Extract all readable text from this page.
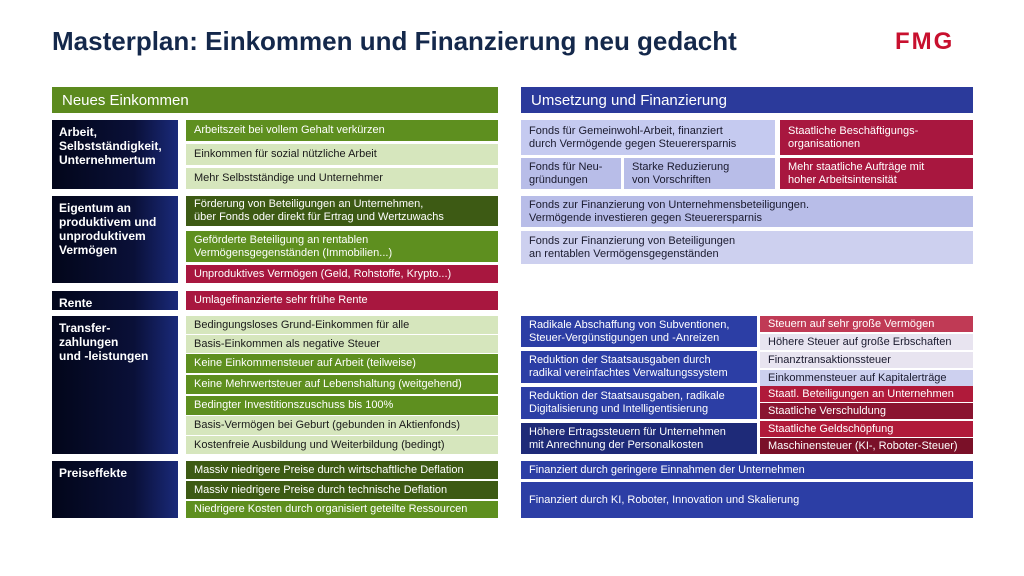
Masterplan: Einkommen und Finanzierung neu gedacht	FMG
Neues Einkommen	Umsetzung und Finanzierung
Arbeit,
Selbstständigkeit,
Unternehmertum
Eigentum an
produktivem und
unproduktivem
Vermögen
Rente
Transfer-
zahlungen
und -leistungen
Preiseffekte
Arbeitszeit bei vollem Gehalt verkürzen
Einkommen für sozial nützliche Arbeit
Mehr Selbstständige und Unternehmer
Förderung von Beteiligungen an Unternehmen,
über Fonds oder direkt für Ertrag und Wertzuwachs
Geförderte Beteiligung an rentablen
Vermögensgegenständen (Immobilien...)
Unproduktives Vermögen (Geld, Rohstoffe, Krypto...)
Umlagefinanzierte sehr frühe Rente
Bedingungsloses Grund-Einkommen für alle
Basis-Einkommen als negative Steuer
Keine Einkommensteuer auf Arbeit (teilweise)
Keine Mehrwertsteuer auf Lebenshaltung (weitgehend)
Bedingter Investitionszuschuss bis 100%
Basis-Vermögen bei Geburt (gebunden in Aktienfonds)
Kostenfreie Ausbildung und Weiterbildung (bedingt)
Massiv niedrigere Preise durch wirtschaftliche Deflation
Massiv niedrigere Preise durch technische Deflation
Niedrigere Kosten durch organisiert geteilte Ressourcen
Fonds für Gemeinwohl-Arbeit, finanziert
durch Vermögende gegen Steuerersparnis
Staatliche Beschäftigungs-
organisationen
Fonds für Neu-
gründungen
Starke Reduzierung
von Vorschriften
Mehr staatliche Aufträge mit
hoher Arbeitsintensität
Fonds zur Finanzierung von Unternehmensbeteiligungen.
Vermögende investieren gegen Steuerersparnis
Fonds zur Finanzierung von Beteiligungen
an rentablen Vermögensgegenständen
Radikale Abschaffung von Subventionen,
Steuer-Vergünstigungen und -Anreizen
Reduktion der Staatsausgaben durch
radikal vereinfachtes Verwaltungssystem
Reduktion der Staatsausgaben, radikale
Digitalisierung und Intelligentisierung
Höhere Ertragssteuern für Unternehmen
mit Anrechnung der Personalkosten
Steuern auf sehr große Vermögen
Höhere Steuer auf große Erbschaften
Finanztransaktionssteuer
Einkommensteuer auf Kapitalerträge
Staatl. Beteiligungen an Unternehmen
Staatliche Verschuldung
Staatliche Geldschöpfung
Maschinensteuer (KI-, Roboter-Steuer)
Finanziert durch geringere Einnahmen der Unternehmen
Finanziert durch KI, Roboter, Innovation und Skalierung
